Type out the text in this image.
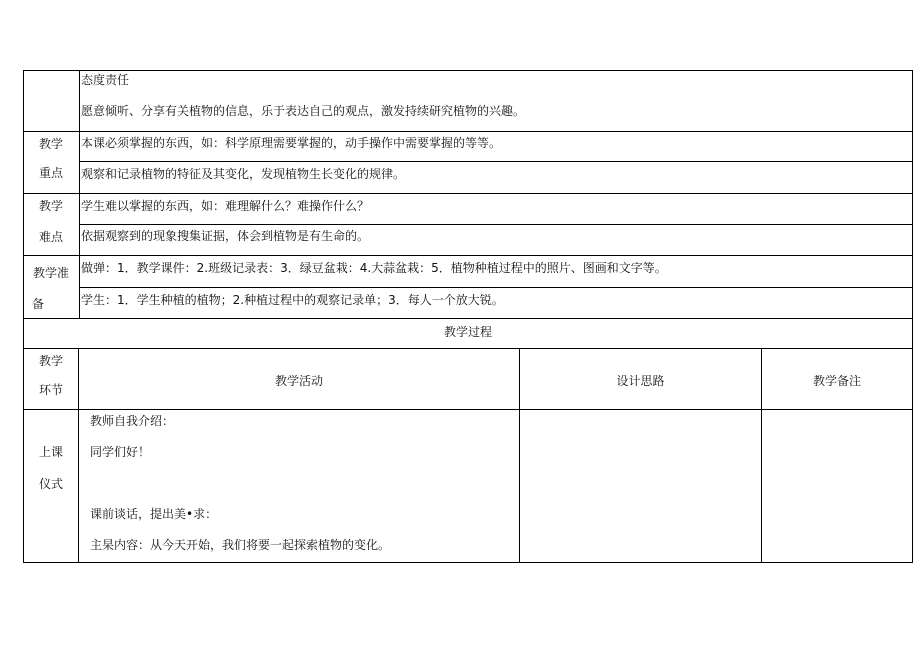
态度责任
愿意倾听、分享有关植物的信息，乐于表达自己的观点，激发持续研究植物的兴趣。
教学
重点
本课必须掌握的东西，如：科学原理需要掌握的，动手操作中需要掌握的等等。
观察和记录植物的特征及其变化，发现植物生长变化的规律。
教学
难点
学生难以掌握的东西，如：难理解什么？难操作什么？
依据观察到的现象搜集证据，体会到植物是有生命的。
教学准
备
做弹：1．教学课件：2.班级记录表：3．绿豆盆栽：4.大蒜盆栽：5．植物种植过程中的照片、图画和文字等。
学生：1．学生种植的植物；2.种植过程中的观察记录单；3．每人一个放大锐。
教学过程
教学
环节
教学活动	设计思路	教学备注
上课
仪式
教师自我介绍：
同学们好！
课前谈话，提出美•求：
主杲内容：从今天开始，我们将要一起探索植物的变化。
